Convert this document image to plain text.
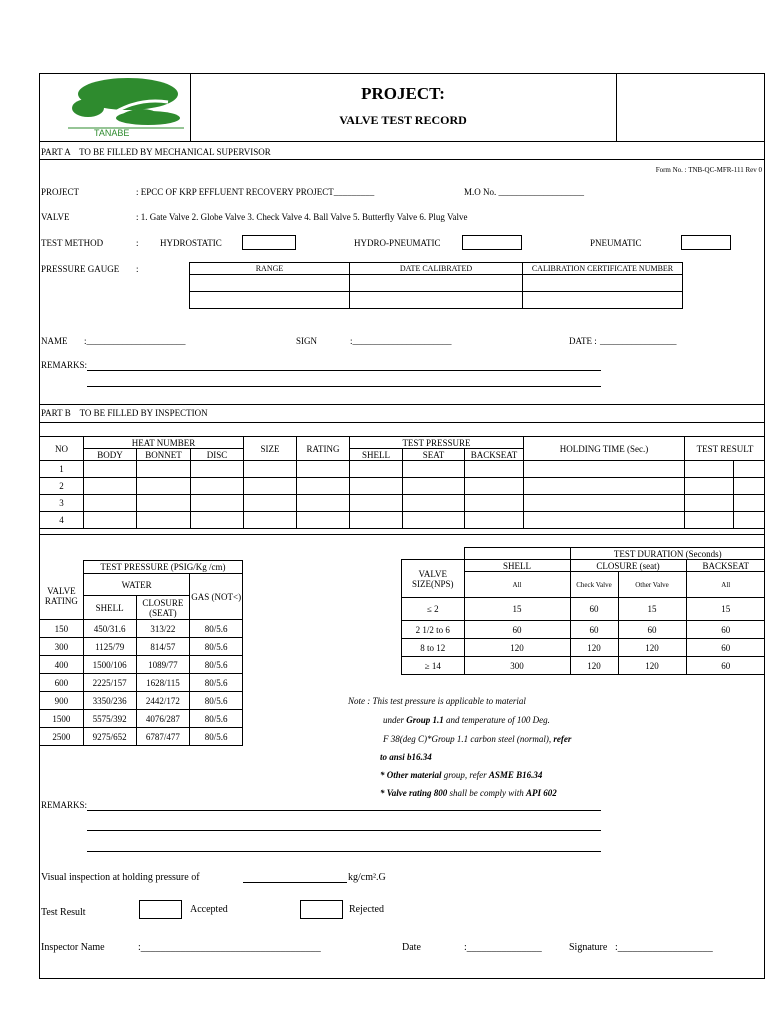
TANABE
PROJECT:
VALVE TEST RECORD
PART A    TO BE FILLED BY MECHANICAL SUPERVISOR
Form No. : TNB-QC-MFR-111 Rev 0
PROJECT	: EPCC OF KRP EFFLUENT RECOVERY PROJECT_________	M.O No. ___________________
VALVE	: 1. Gate Valve 2. Globe Valve 3. Check Valve 4. Ball Valve 5. Butterfly Valve 6. Plug Valve
TEST METHOD	: HYDROSTATIC	HYDRO-PNEUMATIC	PNEUMATIC
PRESSURE GAUGE :	RANGE	DATE CALIBRATED	CALIBRATION CERTIFICATE NUMBER

NAME :______________________	SIGN	:______________________	DATE : _________________
REMARKS:
PART B    TO BE FILLED BY INSPECTION
NO	HEAT NUMBER			SIZE	RATING	TEST PRESSURE			HOLDING TIME (Sec.)	TEST RESULT	
	BODY	BONNET	DISC			SHELL	SEAT	BACKSEAT			
1											
2											
3											
4											
	TEST PRESSURE (PSIG/Kg /cm)		
VALVE RATING	WATER		GAS (NOT<)
	SHELL	CLOSURE (SEAT)	
150	450/31.6	313/22	80/5.6
300	1125/79	814/57	80/5.6
400	1500/106	1089/77	80/5.6
600	2225/157	1628/115	80/5.6
900	3350/236	2442/172	80/5.6
1500	5575/392	4076/287	80/5.6
2500	9275/652	6787/477	80/5.6
		TEST DURATION (Seconds)		
VALVE SIZE(NPS)	SHELL	CLOSURE (seat)		BACKSEAT
	All	Check Valve	Other Valve	All
≤ 2	15	60	15	15
2 1/2 to 6	60	60	60	60
8 to 12	120	120	120	60
≥ 14	300	120	120	60
Note : This test pressure is applicable to material
under Group 1.1 and temperature of 100 Deg.
F 38(deg C)*Group 1.1 carbon steel (normal), refer
to ansi b16.34
* Other material group, refer ASME B16.34
* Valve rating 800 shall be comply with API 602
REMARKS:
Visual inspection at holding pressure of	kg/cm².G
Test Result	Accepted	Rejected
Inspector Name	:____________________________________	Date	:_______________	Signature :___________________
